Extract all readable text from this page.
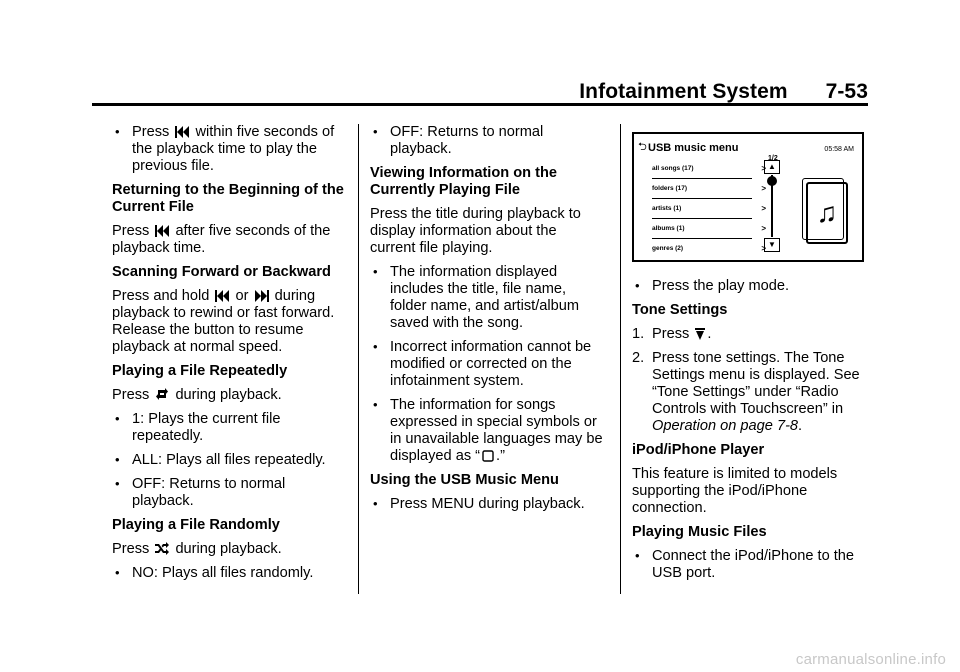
Infotainment System 7-53
• Press within five seconds of the playback time to play the previous file.
Returning to the Beginning of the Current File
Press after five seconds of the playback time.
Scanning Forward or Backward
Press and hold or during playback to rewind or fast forward. Release the button to resume playback at normal speed.
Playing a File Repeatedly
Press during playback.
• 1: Plays the current file repeatedly.
• ALL: Plays all files repeatedly.
• OFF: Returns to normal playback.
Playing a File Randomly
Press during playback.
• NO: Plays all files randomly.
• OFF: Returns to normal playback.
Viewing Information on the Currently Playing File
Press the title during playback to display information about the current file playing.
• The information displayed includes the title, file name, folder name, and artist/album saved with the song.
• Incorrect information cannot be modified or corrected on the infotainment system.
• The information for songs expressed in special symbols or in unavailable languages may be displayed as “ .”
Using the USB Music Menu
• Press MENU during playback.
⮌ USB music menu	05:58 AM
1/2
all songs (17)	>
folders (17)	>
artists (1)	>
albums (1)	>
genres (2)	>
▲
▼
♫
• Press the play mode.
Tone Settings
1. Press .
2. Press tone settings. The Tone Settings menu is displayed. See “Tone Settings” under “Radio Controls with Touchscreen” in Operation on page 7-8.
iPod/iPhone Player
This feature is limited to models supporting the iPod/iPhone connection.
Playing Music Files
• Connect the iPod/iPhone to the USB port.
carmanualsonline.info
